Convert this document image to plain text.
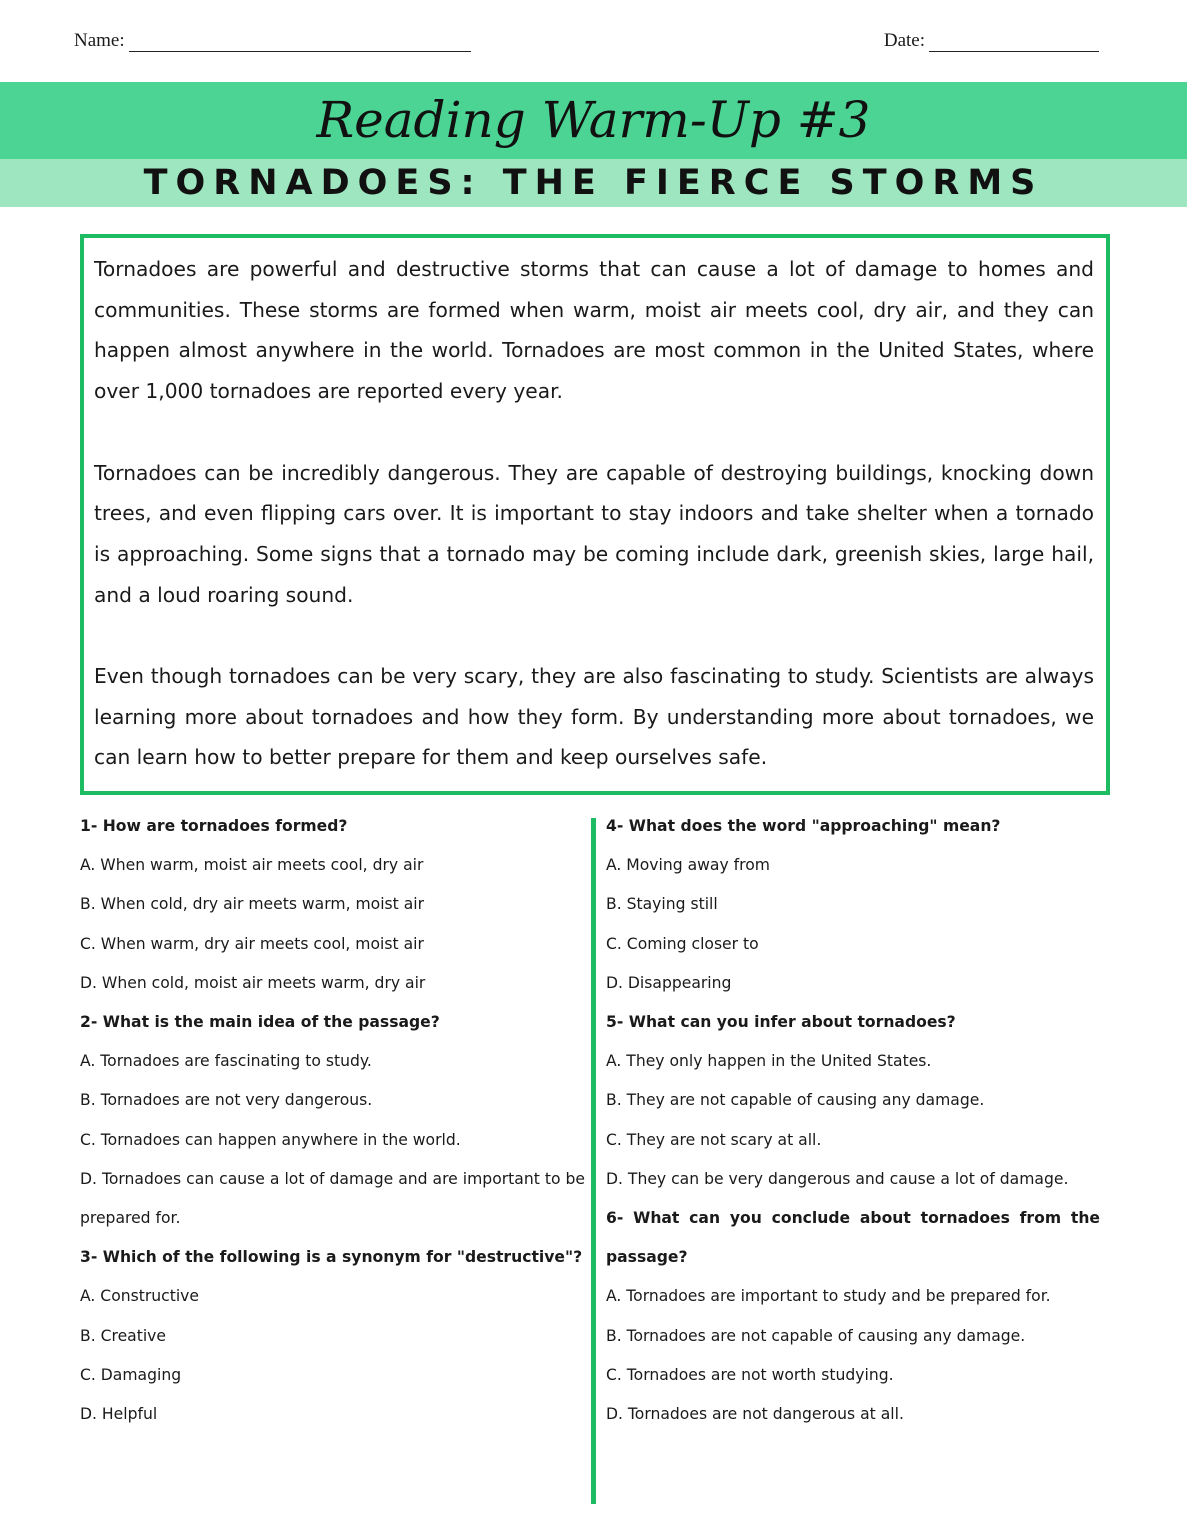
Name:	Date:
Reading Warm-Up #3
TORNADOES: THE FIERCE STORMS

Tornadoes are powerful and destructive storms that can cause a lot of damage to homes and communities. These storms are formed when warm, moist air meets cool, dry air, and they can happen almost anywhere in the world. Tornadoes are most common in the United States, where over 1,000 tornadoes are reported every year.

Tornadoes can be incredibly dangerous. They are capable of destroying buildings, knocking down trees, and even flipping cars over. It is important to stay indoors and take shelter when a tornado is approaching. Some signs that a tornado may be coming include dark, greenish skies, large hail, and a loud roaring sound.

Even though tornadoes can be very scary, they are also fascinating to study. Scientists are always learning more about tornadoes and how they form. By understanding more about tornadoes, we can learn how to better prepare for them and keep ourselves safe.

1- How are tornadoes formed?
A. When warm, moist air meets cool, dry air
B. When cold, dry air meets warm, moist air
C. When warm, dry air meets cool, moist air
D. When cold, moist air meets warm, dry air
2- What is the main idea of the passage?
A. Tornadoes are fascinating to study.
B. Tornadoes are not very dangerous.
C. Tornadoes can happen anywhere in the world.
D. Tornadoes can cause a lot of damage and are important to be prepared for.
3- Which of the following is a synonym for "destructive"?
A. Constructive
B. Creative
C. Damaging
D. Helpful
4- What does the word "approaching" mean?
A. Moving away from
B. Staying still
C. Coming closer to
D. Disappearing
5- What can you infer about tornadoes?
A. They only happen in the United States.
B. They are not capable of causing any damage.
C. They are not scary at all.
D. They can be very dangerous and cause a lot of damage.
6- What can you conclude about tornadoes from the passage?
A. Tornadoes are important to study and be prepared for.
B. Tornadoes are not capable of causing any damage.
C. Tornadoes are not worth studying.
D. Tornadoes are not dangerous at all.
